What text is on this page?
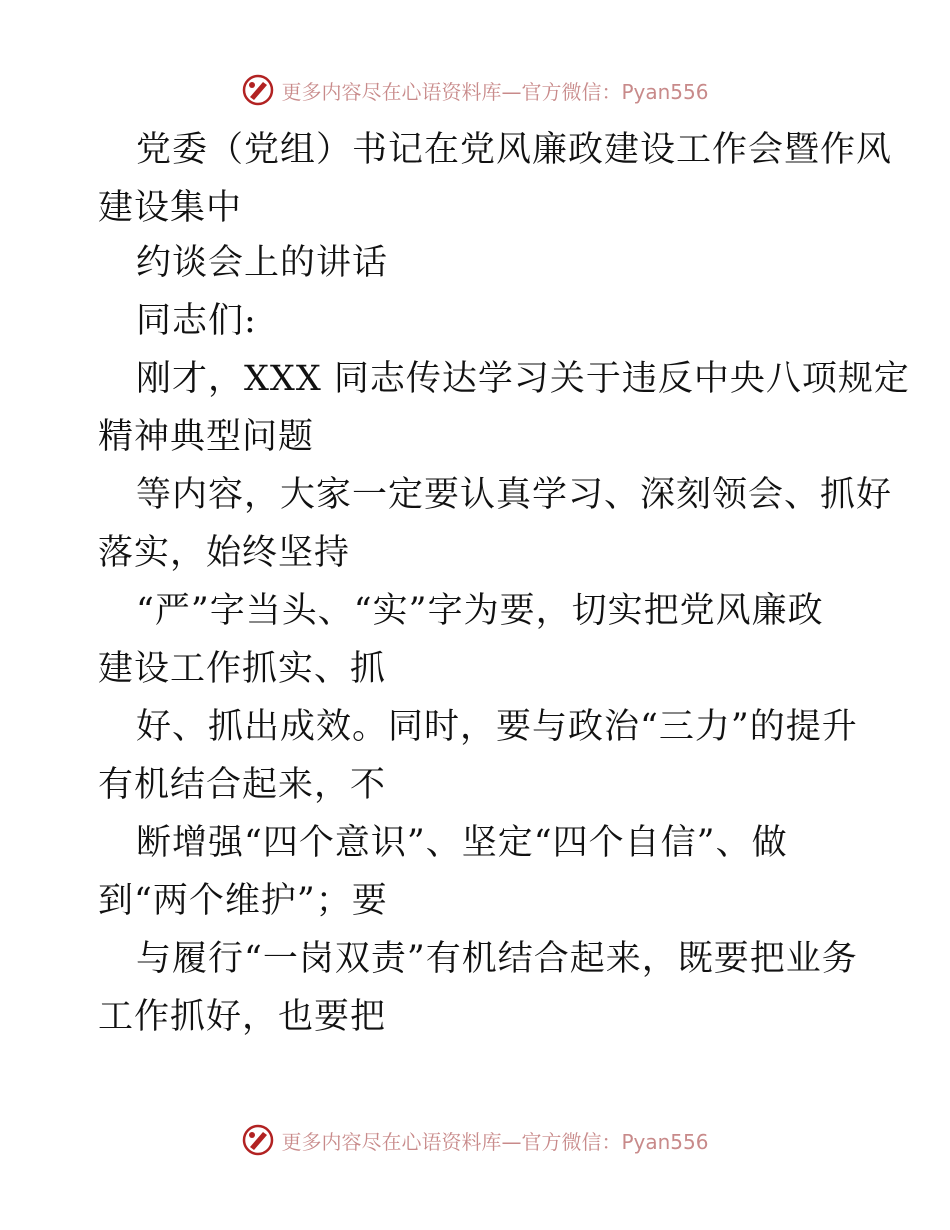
更多内容尽在心语资料库—官方微信：Pyan556
党委（党组）书记在党风廉政建设工作会暨作风
建设集中
约谈会上的讲话
同志们:
刚才，XXX 同志传达学习关于违反中央八项规定
精神典型问题
等内容，大家一定要认真学习、深刻领会、抓好
落实，始终坚持
“严”字当头、“实”字为要，切实把党风廉政
建设工作抓实、抓
好、抓出成效。同时，要与政治“三力”的提升
有机结合起来，不
断增强“四个意识”、坚定“四个自信”、做
到“两个维护”；要
与履行“一岗双责”有机结合起来，既要把业务
工作抓好，也要把
更多内容尽在心语资料库—官方微信：Pyan556
